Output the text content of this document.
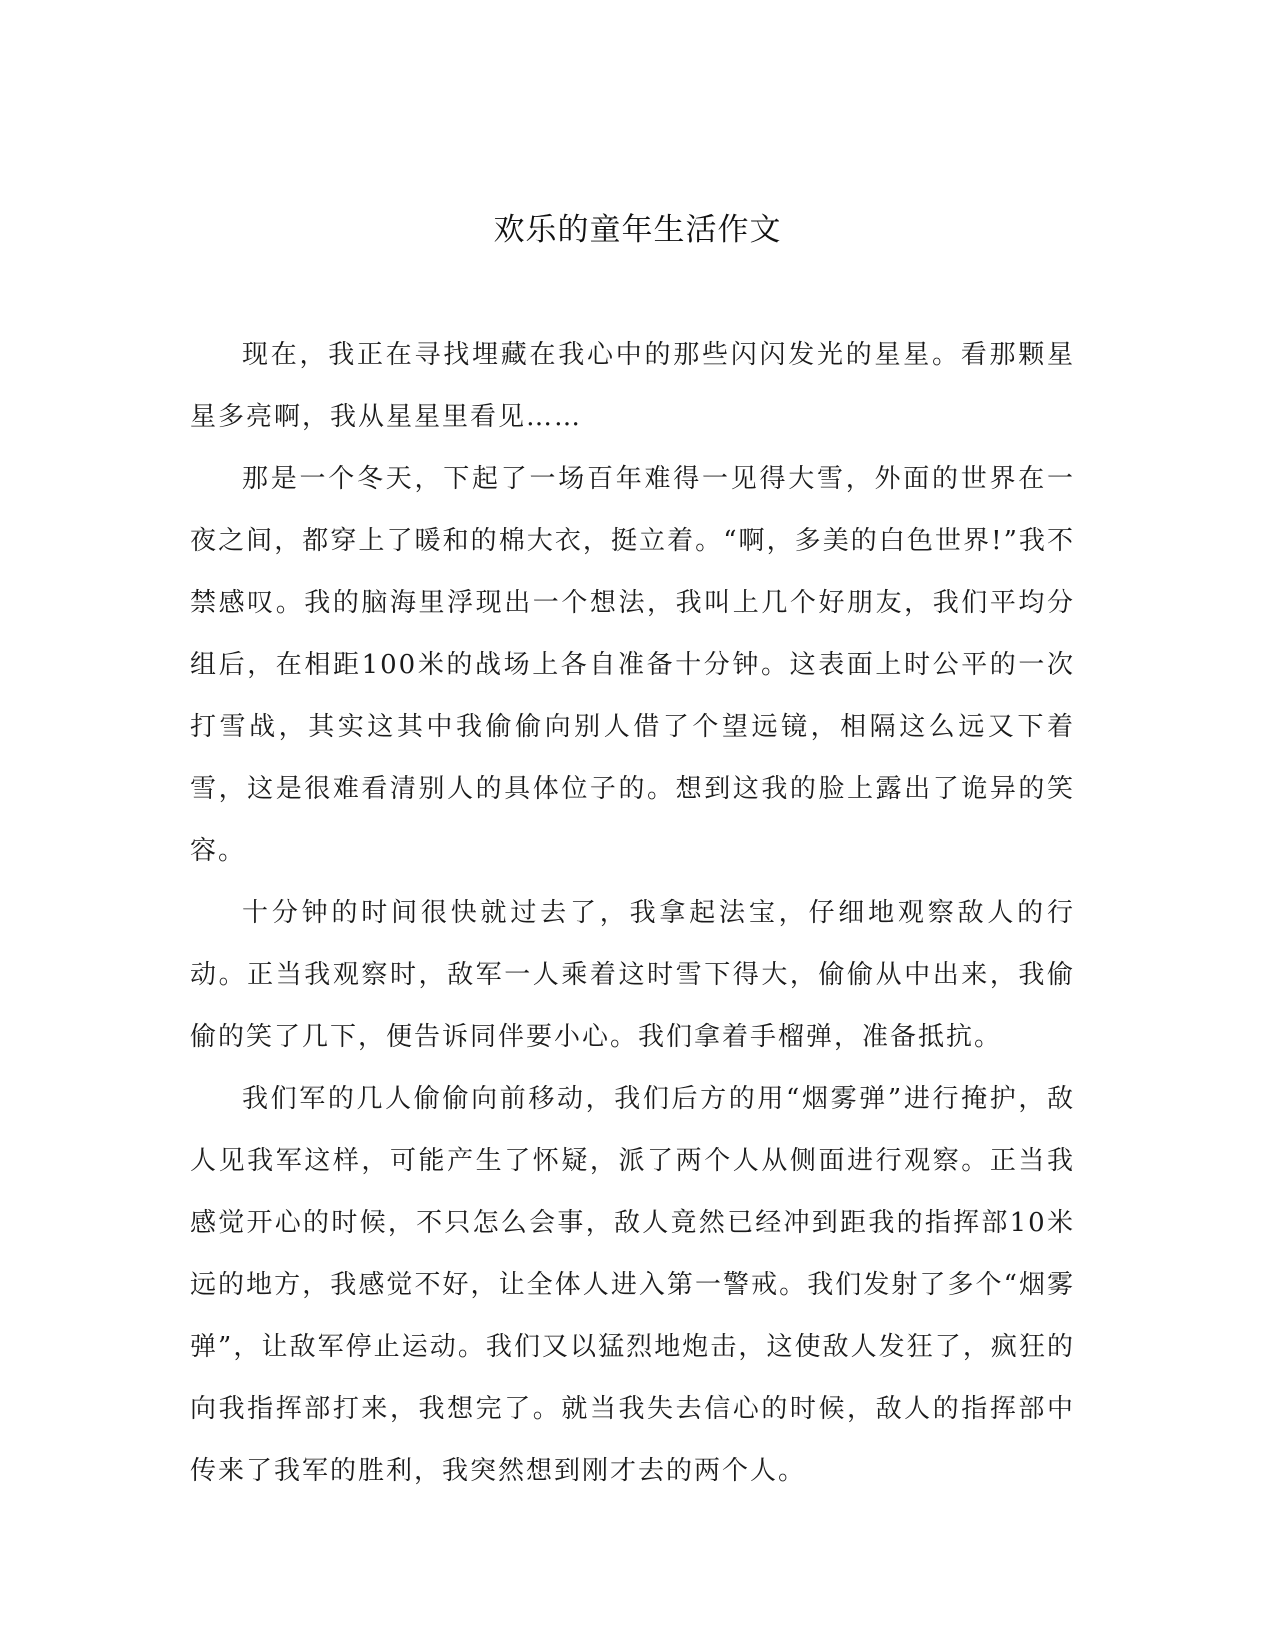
欢乐的童年生活作文

现在，我正在寻找埋藏在我心中的那些闪闪发光的星星。看那颗星星多亮啊，我从星星里看见……

那是一个冬天，下起了一场百年难得一见得大雪，外面的世界在一夜之间，都穿上了暖和的棉大衣，挺立着。“啊，多美的白色世界!”我不禁感叹。我的脑海里浮现出一个想法，我叫上几个好朋友，我们平均分组后，在相距100米的战场上各自准备十分钟。这表面上时公平的一次打雪战，其实这其中我偷偷向别人借了个望远镜，相隔这么远又下着雪，这是很难看清别人的具体位子的。想到这我的脸上露出了诡异的笑容。

十分钟的时间很快就过去了，我拿起法宝，仔细地观察敌人的行动。正当我观察时，敌军一人乘着这时雪下得大，偷偷从中出来，我偷偷的笑了几下，便告诉同伴要小心。我们拿着手榴弹，准备抵抗。

我们军的几人偷偷向前移动，我们后方的用“烟雾弹”进行掩护，敌人见我军这样，可能产生了怀疑，派了两个人从侧面进行观察。正当我感觉开心的时候，不只怎么会事，敌人竟然已经冲到距我的指挥部10米远的地方，我感觉不好，让全体人进入第一警戒。我们发射了多个“烟雾弹”，让敌军停止运动。我们又以猛烈地炮击，这使敌人发狂了，疯狂的向我指挥部打来，我想完了。就当我失去信心的时候，敌人的指挥部中传来了我军的胜利，我突然想到刚才去的两个人。
